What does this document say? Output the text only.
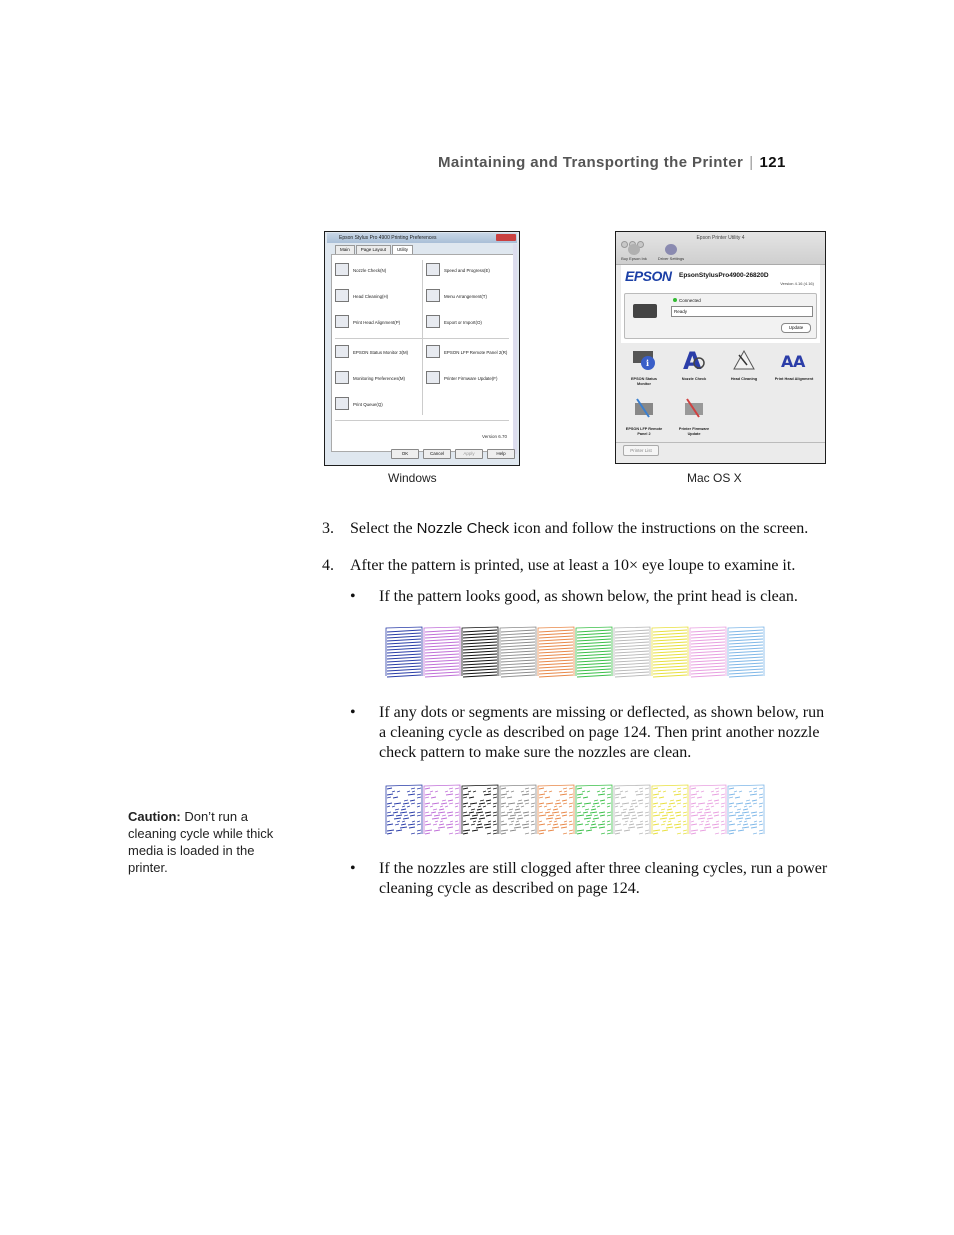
Maintaining and Transporting the Printer | 121
Epson Stylus Pro 4900 Printing Preferences
Main Page Layout Utility
Nozzle Check(N)
Head Cleaning(H)
Print Head Alignment(P)
EPSON Status Monitor 3(M)
Monitoring Preferences(M)
Print Queue(Q)
Speed and Progress(E)
Menu Arrangement(T)
Export or Import(O)
EPSON LFP Remote Panel 2(R)
Printer Firmware Update(F)
Version 6.70
OK	Cancel	Apply	Help
Epson Printer Utility 4
Buy Epson Ink	Driver Settings
EPSON EpsonStylusPro4900-26820D
Version 4.16 (4.16)
Connected
Ready
Update
i
EPSON Status Monitor
A
Nozzle Check	Head Cleaning
A A
Print Head Alignment
EPSON LFP Remote Panel 2
Printer Firmware Update
Printer List
Windows	Mac OS X
3. Select the Nozzle Check icon and follow the instructions on the screen.
4. After the pattern is printed, use at least a 10× eye loupe to examine it.
• If the pattern looks good, as shown below, the print head is clean.
• If any dots or segments are missing or deflected, as shown below, run a cleaning cycle as described on page 124. Then print another nozzle check pattern to make sure the nozzles are clean.
• If the nozzles are still clogged after three cleaning cycles, run a power cleaning cycle as described on page 124.
Caution: Don’t run a cleaning cycle while thick media is loaded in the printer.
